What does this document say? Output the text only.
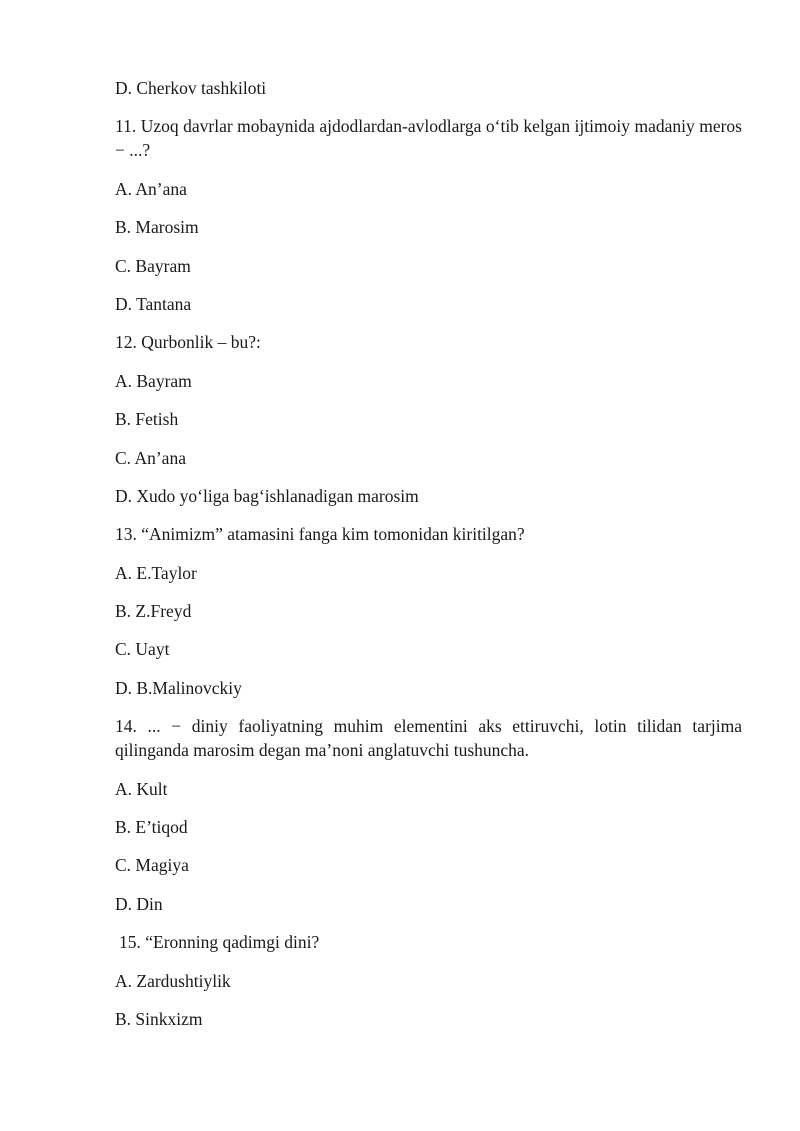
D. Cherkov tashkiloti
11. Uzoq davrlar mobaynida ajdodlardan-avlodlarga o‘tib kelgan ijtimoiy madaniy meros − ...?
A. An’ana
B. Marosim
C. Bayram
D. Tantana
12. Qurbonlik – bu?:
A. Bayram
B. Fetish
C. An’ana
D. Xudo yo‘liga bag‘ishlanadigan marosim
13. “Animizm” atamasini fanga kim tomonidan kiritilgan?
A. E.Taylor
B. Z.Freyd
C. Uayt
D. B.Malinovckiy
14. ... − diniy faoliyatning muhim elementini aks ettiruvchi, lotin tilidan tarjima qilinganda marosim degan ma’noni anglatuvchi tushuncha.
A. Kult
B. E’tiqod
C. Magiya
D. Din
15. “Eronning qadimgi dini?
A. Zardushtiylik
B. Sinkxizm
